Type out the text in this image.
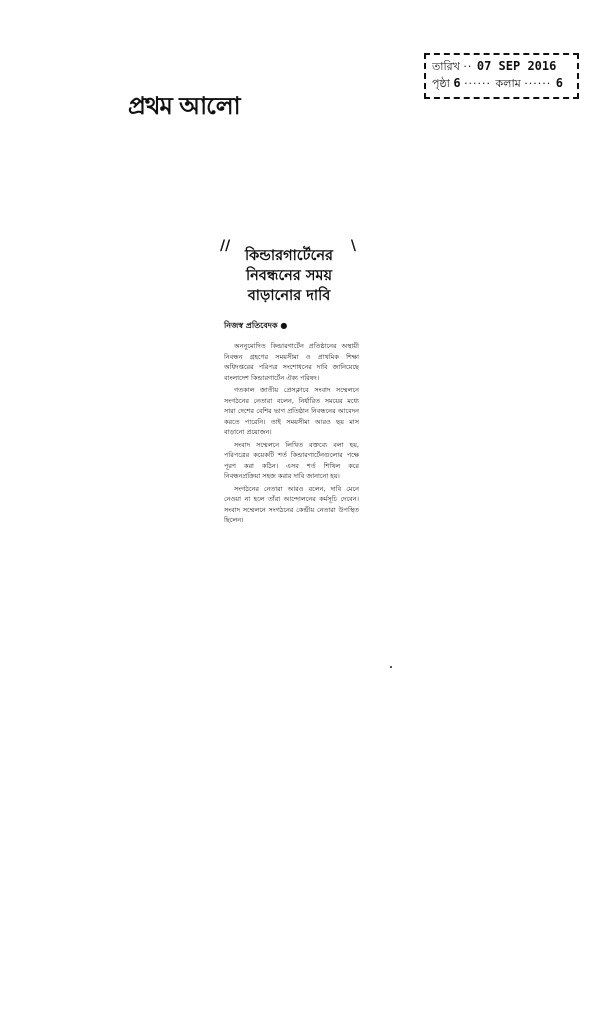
প্রথম আলো
তারিখ ·· 07 SEP 2016
পৃষ্ঠা 6 ······ কলাম ······ 6
//	\
কিন্ডারগার্টেনের
নিবন্ধনের সময়
বাড়ানোর দাবি
নিজস্ব প্রতিবেদক ●

অননুমোদিত কিন্ডারগার্টেন প্রতিষ্ঠানের অস্থায়ী নিবন্ধন গ্রহণের সময়সীমা ও প্রাথমিক শিক্ষা অধিদপ্তরের পরিপত্র সংশোধনের দাবি জানিয়েছে বাংলাদেশ কিন্ডারগার্টেন ঐক্য পরিষদ।

গতকাল জাতীয় প্রেসক্লাবে সংবাদ সম্মেলনে সংগঠনের নেতারা বলেন, নির্ধারিত সময়ের মধ্যে সারা দেশের বেশির ভাগ প্রতিষ্ঠান নিবন্ধনের আবেদন করতে পারেনি। তাই সময়সীমা আরও ছয় মাস বাড়ানো প্রয়োজন।

সংবাদ সম্মেলনে লিখিত বক্তব্যে বলা হয়, পরিপত্রের কয়েকটি শর্ত কিন্ডারগার্টেনগুলোর পক্ষে পূরণ করা কঠিন। এসব শর্ত শিথিল করে নিবন্ধনপ্রক্রিয়া সহজ করার দাবি জানানো হয়।

সংগঠনের নেতারা আরও বলেন, দাবি মেনে নেওয়া না হলে তাঁরা আন্দোলনের কর্মসূচি দেবেন। সংবাদ সম্মেলনে সংগঠনের কেন্দ্রীয় নেতারা উপস্থিত ছিলেন।
